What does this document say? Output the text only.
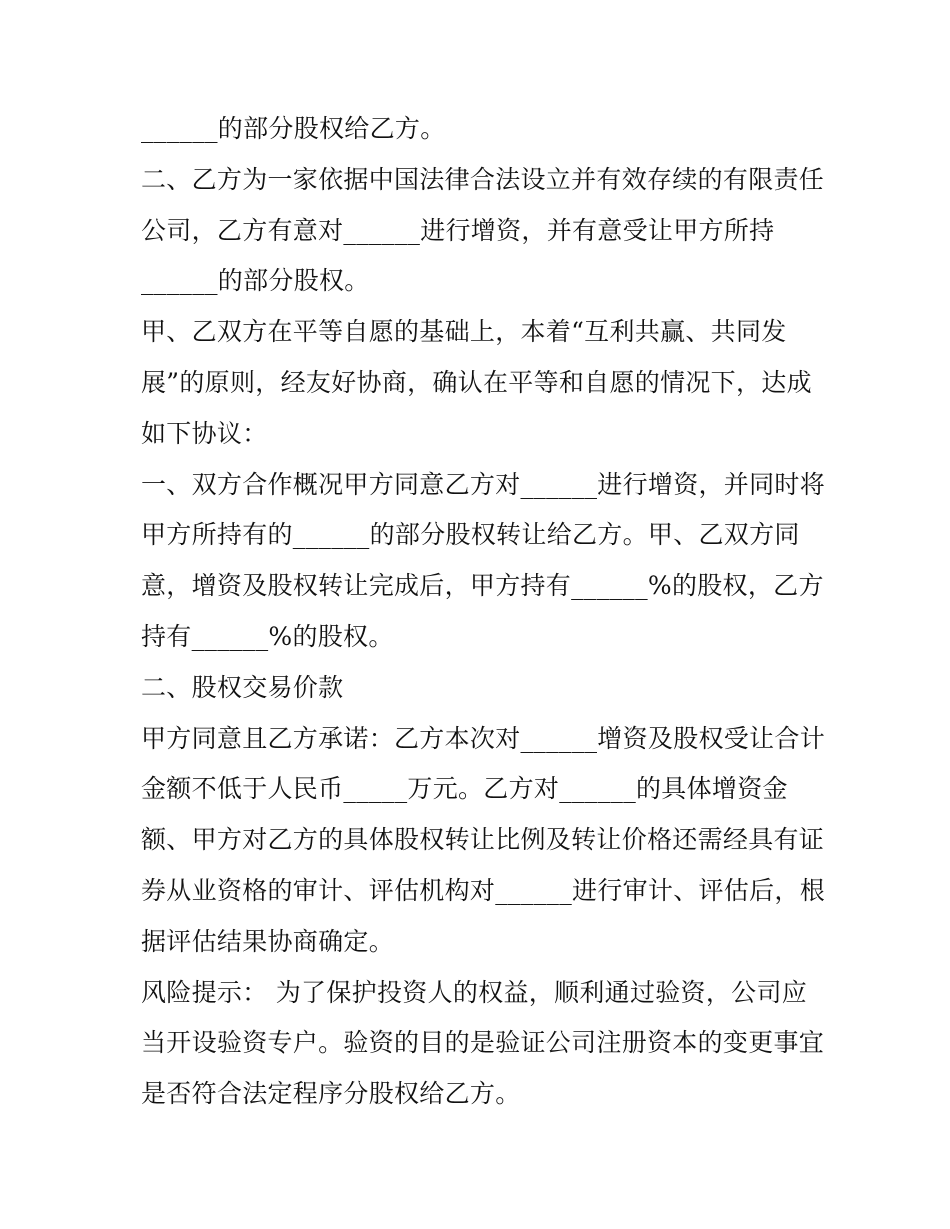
______的部分股权给乙方。
二、乙方为一家依据中国法律合法设立并有效存续的有限责任
公司，乙方有意对______进行增资，并有意受让甲方所持
______的部分股权。
甲、乙双方在平等自愿的基础上，本着“互利共赢、共同发
展”的原则，经友好协商，确认在平等和自愿的情况下，达成
如下协议：
一、双方合作概况甲方同意乙方对______进行增资，并同时将
甲方所持有的______的部分股权转让给乙方。甲、乙双方同
意，增资及股权转让完成后，甲方持有______%的股权，乙方
持有______%的股权。
二、股权交易价款
甲方同意且乙方承诺：乙方本次对______增资及股权受让合计
金额不低于人民币_____万元。乙方对______的具体增资金
额、甲方对乙方的具体股权转让比例及转让价格还需经具有证
券从业资格的审计、评估机构对______进行审计、评估后，根
据评估结果协商确定。
风险提示： 为了保护投资人的权益，顺利通过验资，公司应
当开设验资专户。验资的目的是验证公司注册资本的变更事宜
是否符合法定程序分股权给乙方。
